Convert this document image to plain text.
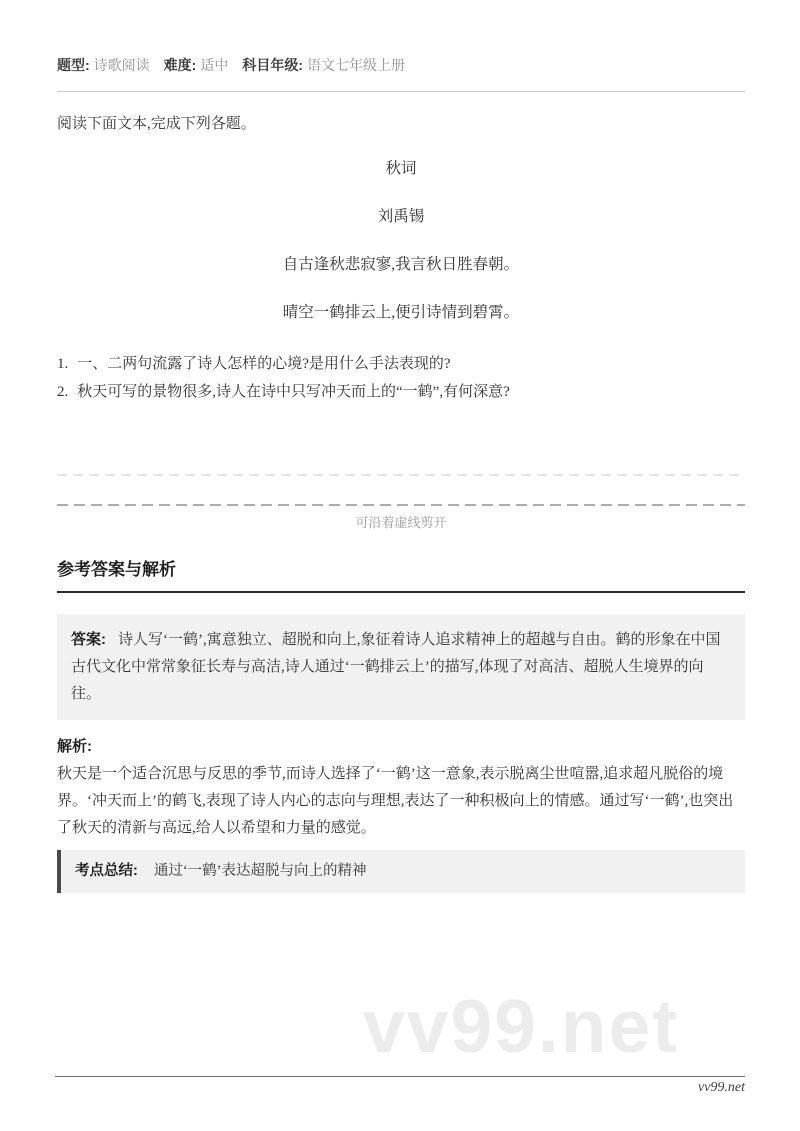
vv99.net
题型: 诗歌阅读 难度: 适中 科目年级: 语文七年级上册

阅读下面文本,完成下列各题。

秋词

刘禹锡

自古逢秋悲寂寥,我言秋日胜春朝。

晴空一鹤排云上,便引诗情到碧霄。

1. 一、二两句流露了诗人怎样的心境?是用什么手法表现的?

2. 秋天可写的景物很多,诗人在诗中只写冲天而上的“一鹤”,有何深意?

可沿着虚线剪开

参考答案与解析

答案: 诗人写‘一鹤’,寓意独立、超脱和向上,象征着诗人追求精神上的超越与自由。鹤的形象在中国古代文化中常常象征长寿与高洁,诗人通过‘一鹤排云上’的描写,体现了对高洁、超脱人生境界的向往。

解析:

秋天是一个适合沉思与反思的季节,而诗人选择了‘一鹤’这一意象,表示脱离尘世喧嚣,追求超凡脱俗的境界。‘冲天而上’的鹤飞,表现了诗人内心的志向与理想,表达了一种积极向上的情感。通过写‘一鹤’,也突出了秋天的清新与高远,给人以希望和力量的感觉。

考点总结: 通过‘一鹤’表达超脱与向上的精神
vv99.net
